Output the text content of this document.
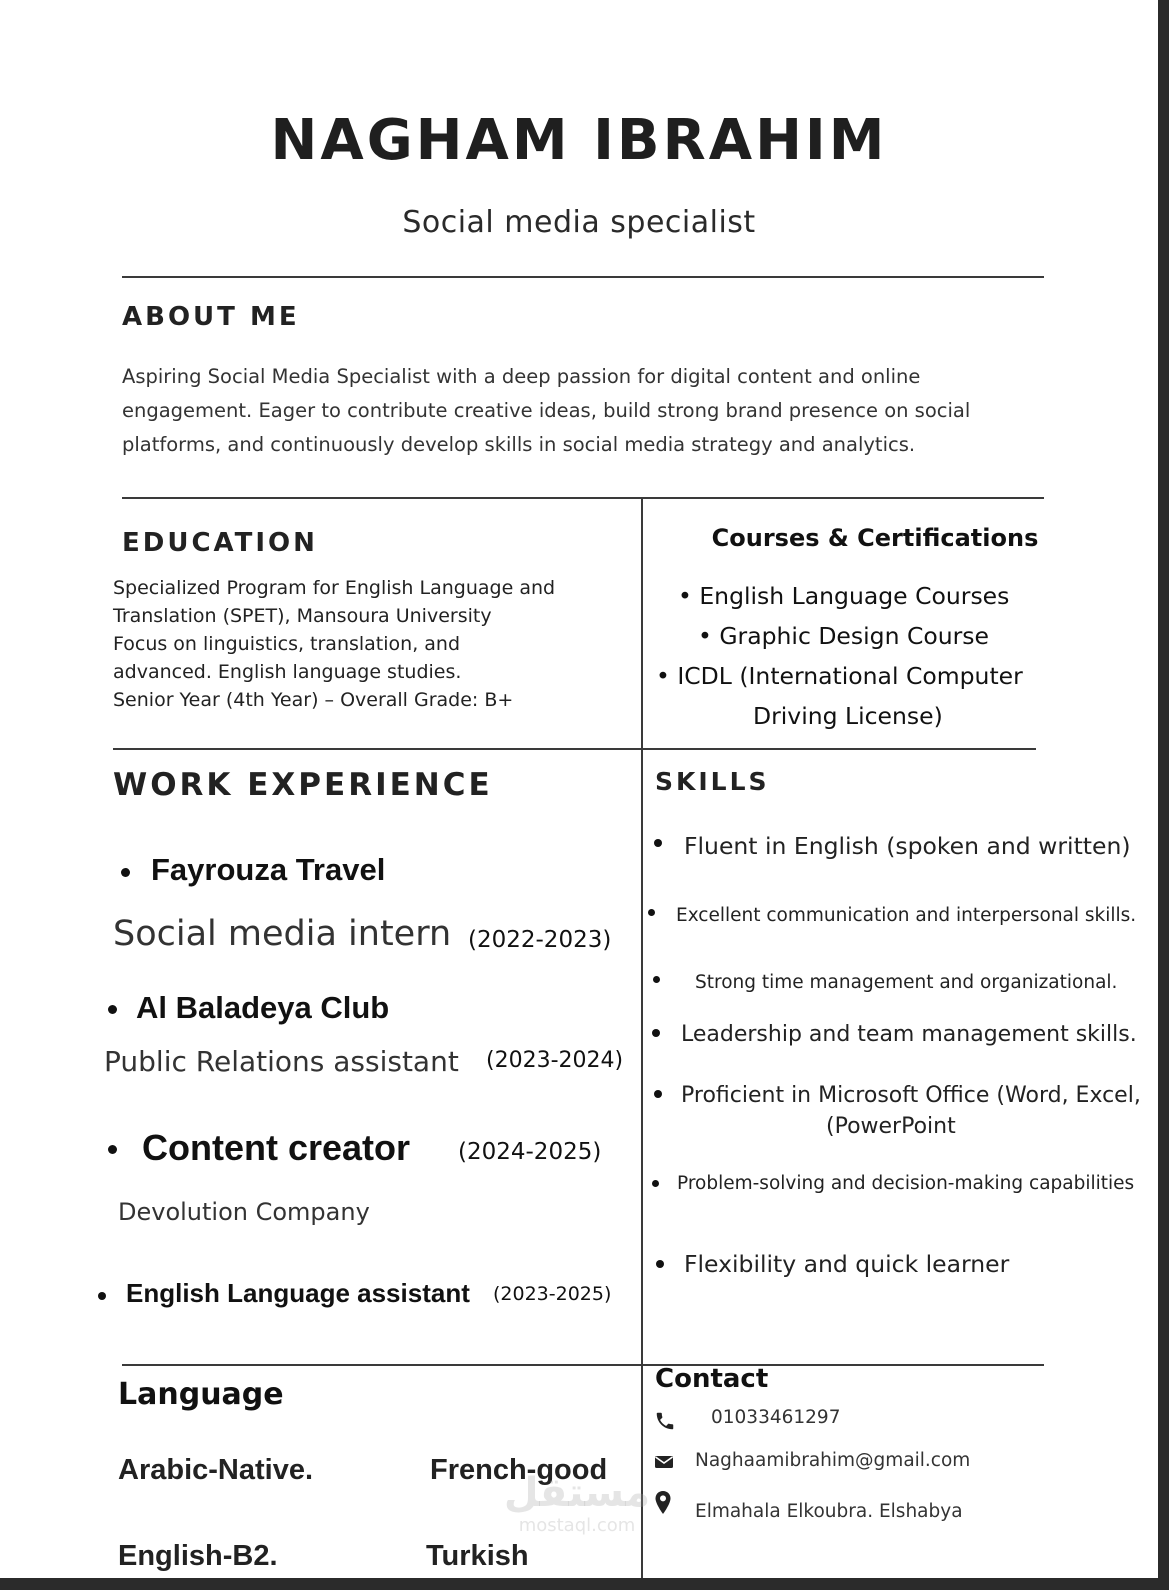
NAGHAM IBRAHIM
Social media specialist
ABOUT ME
Aspiring Social Media Specialist with a deep passion for digital content and online
engagement. Eager to contribute creative ideas, build strong brand presence on social
platforms, and continuously develop skills in social media strategy and analytics.
EDUCATION
Specialized Program for English Language and
Translation (SPET), Mansoura University
Focus on linguistics, translation, and
advanced. English language studies.
Senior Year (4th Year) – Overall Grade: B+
Courses & Certifications
• English Language Courses
• Graphic Design Course
• ICDL (International Computer
Driving License)
WORK EXPERIENCE
Fayrouza Travel
Social media intern (2022-2023)
Al Baladeya Club
Public Relations assistant (2023-2024)
Content creator (2024-2025)
Devolution Company
English Language assistant (2023-2025)
SKILLS
Fluent in English (spoken and written)
Excellent communication and interpersonal skills.
Strong time management and organizational.
Leadership and team management skills.
Proficient in Microsoft Office (Word, Excel,
(PowerPoint
Problem-solving and decision-making capabilities
Flexibility and quick learner
Language
Arabic-Native.	French-good
English-B2.	Turkish
Contact
01033461297
Naghaamibrahim@gmail.com
Elmahala Elkoubra. Elshabya
مستقل
mostaql.com
